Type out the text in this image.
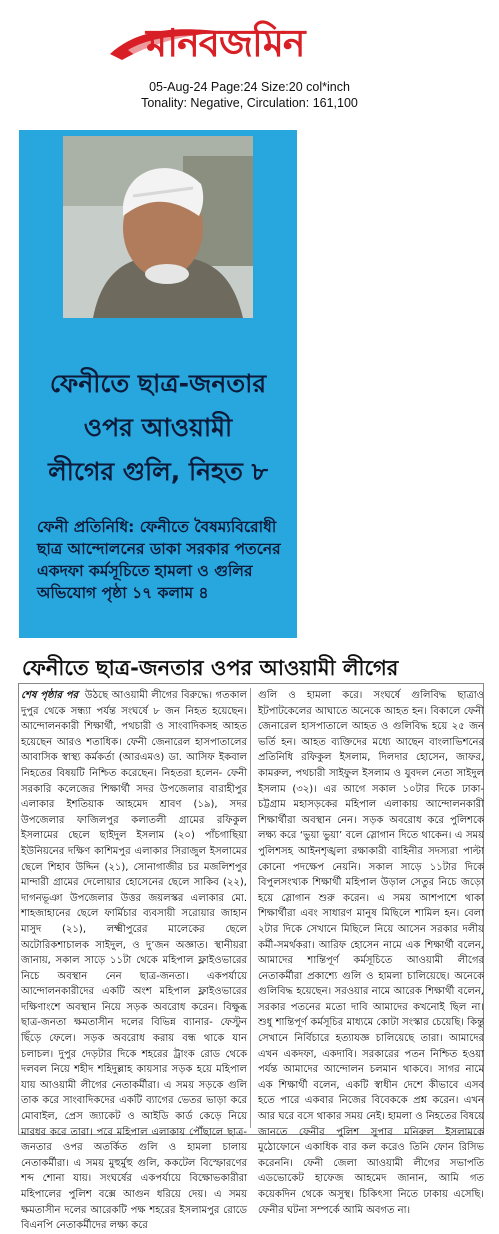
মানবজমিন
05-Aug-24 Page:24 Size:20 col*inch
Tonality: Negative, Circulation: 161,100
ফেনীতে ছাত্র-জনতার
ওপর আওয়ামী
লীগের গুলি, নিহত ৮
ফেনী প্রতিনিধি: ফেনীতে বৈষম্যবিরোধী ছাত্র আন্দোলনের ডাকা সরকার পতনের একদফা কর্মসূচিতে হামলা ও গুলির অভিযোগ পৃষ্ঠা ১৭ কলাম ৪
ফেনীতে ছাত্র-জনতার ওপর আওয়ামী লীগের

শেষ পৃষ্ঠার পর উঠছে আওয়ামী লীগের বিরুদ্ধে। গতকাল দুপুর থেকে সন্ধ্যা পর্যন্ত সংঘর্ষে ৮ জন নিহত হয়েছেন। আন্দোলনকারী শিক্ষার্থী, পথচারী ও সাংবাদিকসহ আহত হয়েছেন আরও শতাধিক। ফেনী জেনারেল হাসপাতালের আবাসিক স্বাস্থ্য কর্মকর্তা (আরএমও) ডা. আসিফ ইকবাল নিহতের বিষয়টি নিশ্চিত করেছেন। নিহতরা হলেন- ফেনী সরকারি কলেজের শিক্ষার্থী সদর উপজেলার বারাহীপুর এলাকার ইশতিয়াক আহমেদ শ্রাবণ (১৯), সদর উপজেলার ফাজিলপুর কলাতলী গ্রামের রফিকুল ইসলামের ছেলে ছাইদুল ইসলাম (২০) পাঁচগাছিয়া ইউনিয়নের দক্ষিণ কাশিমপুর এলাকার সিরাজুল ইসলামের ছেলে শিহাব উদ্দিন (২১), সোনাগাজীর চর মজলিশপুর মান্দারী গ্রামের দেলোয়ার হোসেনের ছেলে সাকিব (২২), দাগনভূঞা উপজেলার উত্তর জয়লস্কর এলাকার মো. শাহজাহানের ছেলে ফার্মিচার ব্যবসায়ী সরোয়ার জাহান মাসুদ (২১), লক্ষ্মীপুরের মালেকের ছেলে অটোরিকশাচালক সাইদুল, ও দু’জন অজ্ঞাত। স্থানীয়রা জানায়, সকাল সাড়ে ১১টা থেকে মহিপাল ফ্লাইওভারের নিচে অবস্থান নেন ছাত্র-জনতা। একপর্যায়ে আন্দোলনকারীদের একটি অংশ মহিপাল ফ্লাইওভারের দক্ষিণাংশে অবস্থান নিয়ে সড়ক অবরোধ করেন। বিক্ষুব্ধ ছাত্র-জনতা ক্ষমতাসীন দলের বিভিন্ন ব্যানার- ফেস্টুন ছিঁড়ে ফেলে। সড়ক অবরোধ করায় বন্ধ থাকে যান চলাচল। দুপুর দেড়টার দিকে শহরের ট্রাংক রোড থেকে দলবল নিয়ে শহীদ শহিদুল্লাহ কায়সার সড়ক হয়ে মহিপাল যায় আওয়ামী লীগের নেতাকর্মীরা। এ সময় সড়কে গুলি তাক করে সাংবাদিকদের একটি ব্যাগের ভেতর ভাড়া করে মোবাইল, প্রেস জ্যাকেট ও আইডি কার্ড কেড়ে নিয়ে মারধর করে তারা। পরে মহিপাল এলাকায় পৌঁছালে ছাত্র-জনতার ওপর অতর্কিত গুলি ও হামলা চালায় নেতাকর্মীরা। এ সময় মুহুর্মুহু গুলি, ককটেল বিস্ফোরণের শব্দ শোনা যায়। সংঘর্ষের একপর্যায়ে বিক্ষোভকারীরা মহিপালের পুলিশ বক্সে আগুন ধরিয়ে দেয়। এ সময় ক্ষমতাসীন দলের আরেকটি পক্ষ শহরের ইসলামপুর রোডে বিএনপি নেতাকর্মীদের লক্ষ্য করে

গুলি ও হামলা করে। সংঘর্ষে গুলিবিদ্ধ ছাত্রাও ইটপাটকেলের আঘাতে অনেকে আহত হন। বিকালে ফেনী জেনারেল হাসপাতালে আহত ও গুলিবিদ্ধ হয়ে ২৫ জন ভর্তি হন। আহত ব্যক্তিদের মধ্যে আছেন বাংলাভিশনের প্রতিনিধি রফিকুল ইসলাম, দিলদার হোসেন, জাফর, কামরুল, পথচারী সাইফুল ইসলাম ও যুবদল নেতা সাইদুল ইসলাম (৩২)। এর আগে সকাল ১০টার দিকে ঢাকা-চট্টগ্রাম মহাসড়কের মহিপাল এলাকায় আন্দোলনকারী শিক্ষার্থীরা অবস্থান নেন। সড়ক অবরোধ করে পুলিশকে লক্ষ্য করে ‘ভুয়া ভুয়া’ বলে স্লোগান দিতে থাকেন। এ সময় পুলিশসহ আইনশৃঙ্খলা রক্ষাকারী বাহিনীর সদস্যরা পাল্টা কোনো পদক্ষেপ নেয়নি। সকাল সাড়ে ১১টার দিকে বিপুলসংখ্যক শিক্ষার্থী মহিপাল উড়াল সেতুর নিচে জড়ো হয়ে স্লোগান শুরু করেন। এ সময় আশপাশে থাকা শিক্ষার্থীরা এবং সাধারণ মানুষ মিছিলে শামিল হন। বেলা ২টার দিকে সেখানে মিছিলে নিয়ে আসেন সরকার দলীয় কর্মী-সমর্থকরা। আরিফ হোসেন নামে এক শিক্ষার্থী বলেন, আমাদের শান্তিপূর্ণ কর্মসূচিতে আওয়ামী লীগের নেতাকর্মীরা প্রকাশ্যে গুলি ও হামলা চালিয়েছে। অনেকে গুলিবিদ্ধ হয়েছেন। সরওয়ার নামে আরেক শিক্ষার্থী বলেন, সরকার পতনের মতো দাবি আমাদের কখনোই ছিল না। শুধু শান্তিপূর্ণ কর্মসূচির মাধ্যমে কোটা সংস্কার চেয়েছি। কিন্তু সেখানে নির্বিচারে হত্যাযজ্ঞ চালিয়েছে তারা। আমাদের এখন একদফা, একদাবি। সরকারের পতন নিশ্চিত হওয়া পর্যন্ত আমাদের আন্দোলন চলমান থাকবে। সাগর নামে এক শিক্ষার্থী বলেন, একটি স্বাধীন দেশে কীভাবে এসব হতে পারে একবার নিজের বিবেককে প্রশ্ন করেন। এখন আর ঘরে বসে থাকার সময় নেই। হামলা ও নিহতের বিষয়ে জানতে ফেনীর পুলিশ সুপার মনিরুল ইসলামকে মুঠোফোনে একাধিক বার কল করেও তিনি ফোন রিসিভ করেননি। ফেনী জেলা আওয়ামী লীগের সভাপতি এডভোকেট হাফেজ আহমেদ জানান, আমি গত কয়েকদিন থেকে অসুস্থ। চিকিৎসা নিতে ঢাকায় এসেছি। ফেনীর ঘটনা সম্পর্কে আমি অবগত না।
